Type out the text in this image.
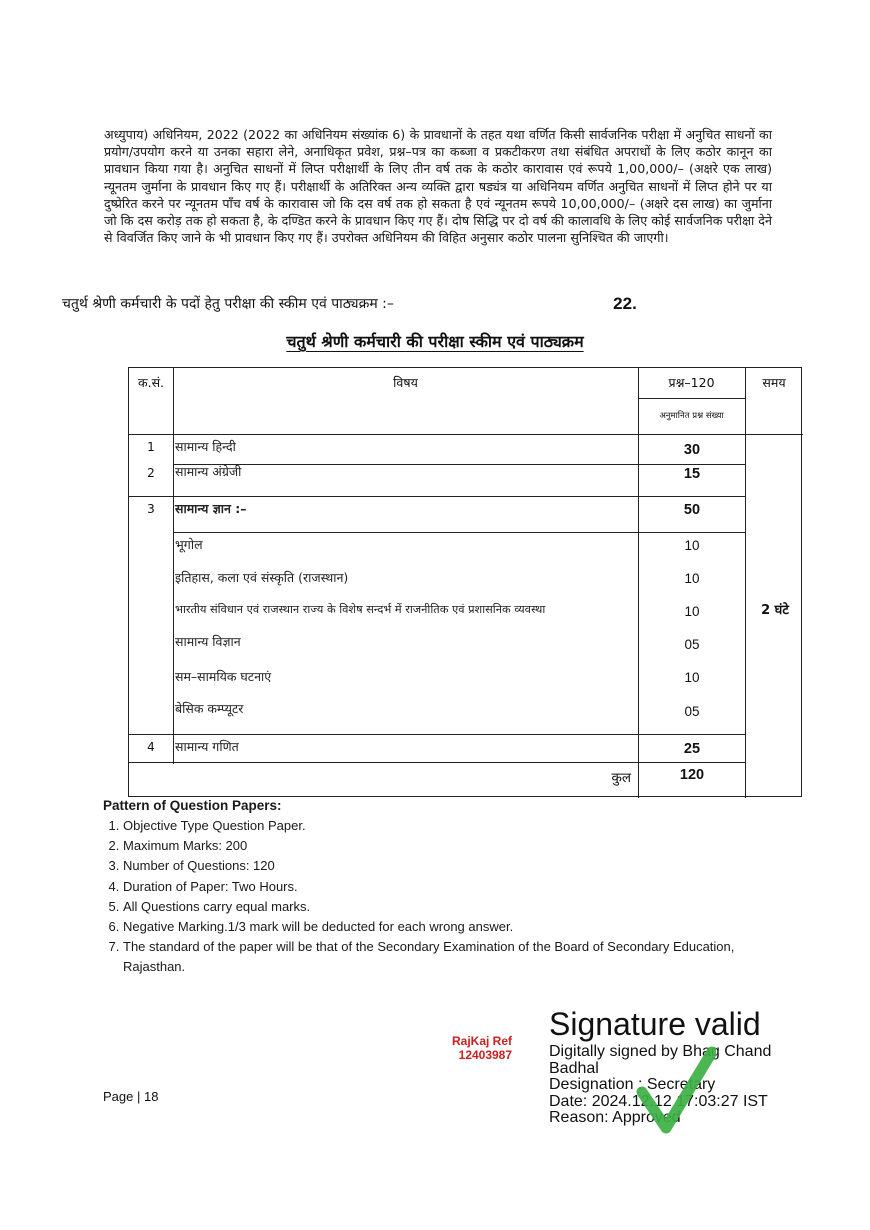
अध्युपाय) अधिनियम, 2022 (2022 का अधिनियम संख्यांक 6) के प्रावधानों के तहत यथा वर्णित किसी सार्वजनिक परीक्षा में अनुचित साधनों का प्रयोग/उपयोग करने या उनका सहारा लेने, अनाधिकृत प्रवेश, प्रश्न–पत्र का कब्जा व प्रकटीकरण तथा संबंधित अपराधों के लिए कठोर कानून का प्रावधान किया गया है। अनुचित साधनों में लिप्त परीक्षार्थी के लिए तीन वर्ष तक के कठोर कारावास एवं रूपये 1,00,000/– (अक्षरे एक लाख) न्यूनतम जुर्माना के प्रावधान किए गए हैं। परीक्षार्थी के अतिरिक्त अन्य व्यक्ति द्वारा षड्यंत्र या अधिनियम वर्णित अनुचित साधनों में लिप्त होने पर या दुष्प्रेरित करने पर न्यूनतम पाँच वर्ष के कारावास जो कि दस वर्ष तक हो सकता है एवं न्यूनतम रूपये 10,00,000/– (अक्षरे दस लाख) का जुर्माना जो कि दस करोड़ तक हो सकता है, के दण्डित करने के प्रावधान किए गए हैं। दोष सिद्धि पर दो वर्ष की कालावधि के लिए कोई सार्वजनिक परीक्षा देने से विवर्जित किए जाने के भी प्रावधान किए गए हैं। उपरोक्त अधिनियम की विहित अनुसार कठोर पालना सुनिश्चित की जाएगी।
22.
चतुर्थ श्रेणी कर्मचारी के पदों हेतु परीक्षा की स्कीम एवं पाठ्यक्रम :–
चतुर्थ श्रेणी कर्मचारी की परीक्षा स्कीम एवं पाठ्यक्रम
क.सं.	विषय	प्रश्न–120
अनुमानित प्रश्न संख्या
समय
1	सामान्य हिन्दी	30
2	सामान्य अंग्रेजी	15
3	सामान्य ज्ञान :–	50
भूगोल	10
इतिहास, कला एवं संस्कृति (राजस्थान)	10
भारतीय संविधान एवं राजस्थान राज्य के विशेष सन्दर्भ में राजनीतिक एवं प्रशासनिक व्यवस्था	10
सामान्य विज्ञान	05
सम–सामयिक घटनाएं	10
बेसिक कम्प्यूटर	05
4	सामान्य गणित	25
कुल	120
2 घंटे
Pattern of Question Papers:
1. Objective Type Question Paper.
2. Maximum Marks: 200
3. Number of Questions: 120
4. Duration of Paper: Two Hours.
5. All Questions carry equal marks.
6. Negative Marking.1/3 mark will be deducted for each wrong answer.
7. The standard of the paper will be that of the Secondary Examination of the Board of Secondary Education, Rajasthan.
RajKaj Ref
12403987
Signature valid
Digitally signed by Bhag Chand
Badhal
Designation : Secretary
Date: 2024.12.12 17:03:27 IST
Reason: Approved
Page | 18
